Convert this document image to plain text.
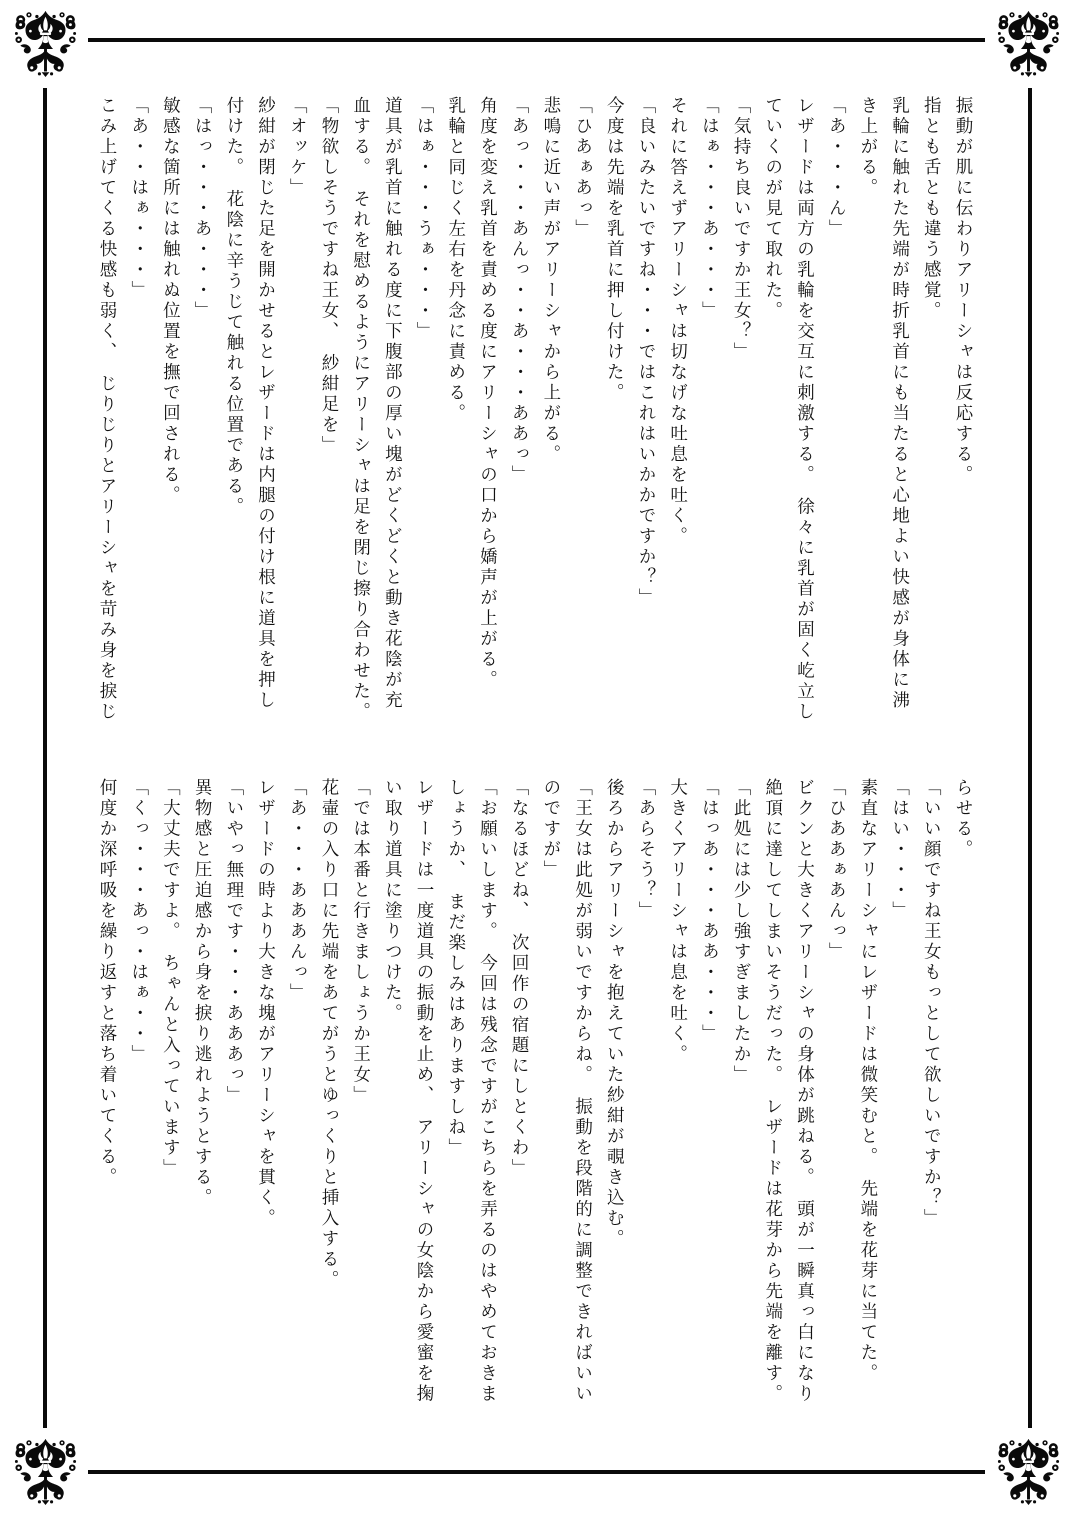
振動が肌に伝わりアリーシャは反応する。

指とも舌とも違う感覚。

乳輪に触れた先端が時折乳首にも当たると心地よい快感が身体に沸

き上がる。

「あ・・・ん」

レザードは両方の乳輪を交互に刺激する。　徐々に乳首が固く屹立し

ていくのが見て取れた。

「気持ち良いですか王女？」

「はぁ・・・あ・・・」

それに答えずアリーシャは切なげな吐息を吐く。

「良いみたいですね・・・ではこれはいかかですか？」

今度は先端を乳首に押し付けた。

「ひあぁあっ」

悲鳴に近い声がアリーシャから上がる。

「あっ・・・あんっ・・あ・・・ああっ」

角度を変え乳首を責める度にアリーシャの口から嬌声が上がる。

乳輪と同じく左右を丹念に責める。

「はぁ・・・うぁ・・・」

道具が乳首に触れる度に下腹部の厚い塊がどくどくと動き花陰が充

血する。　それを慰めるようにアリーシャは足を閉じ擦り合わせた。

「物欲しそうですね王女、　紗紺足を」

「オッケ」

紗紺が閉じた足を開かせるとレザードは内腿の付け根に道具を押し

付けた。　花陰に辛うじて触れる位置である。

「はっ・・・あ・・・」

敏感な箇所には触れぬ位置を撫で回される。

「あ・・はぁ・・・」

こみ上げてくる快感も弱く、　じりじりとアリーシャを苛み身を捩じ

らせる。

「いい顔ですね王女もっとして欲しいですか？」

「はい・・・」

素直なアリーシャにレザードは微笑むと。　先端を花芽に当てた。

「ひああぁあんっ」

ビクンと大きくアリーシャの身体が跳ねる。　頭が一瞬真っ白になり

絶頂に達してしまいそうだった。　レザードは花芽から先端を離す。

「此処には少し強すぎましたか」

「はっあ・・・ああ・・・」

大きくアリーシャは息を吐く。

「あらそう？」

後ろからアリーシャを抱えていた紗紺が覗き込む。

「王女は此処が弱いですからね。　振動を段階的に調整できればいい

のですが」

「なるほどね、　次回作の宿題にしとくわ」

「お願いします。　今回は残念ですがこちらを弄るのはやめておきま

しょうか、　まだ楽しみはありますしね」

レザードは一度道具の振動を止め、　アリーシャの女陰から愛蜜を掬

い取り道具に塗りつけた。

「では本番と行きましょうか王女」

花壷の入り口に先端をあてがうとゆっくりと挿入する。

「あ・・・あああんっ」

レザードの時より大きな塊がアリーシャを貫く。

「いやっ無理です・・・あああっ」

異物感と圧迫感から身を捩り逃れようとする。

「大丈夫ですよ。　ちゃんと入っています」

「くっ・・・あっ・はぁ・・」

何度か深呼吸を繰り返すと落ち着いてくる。
